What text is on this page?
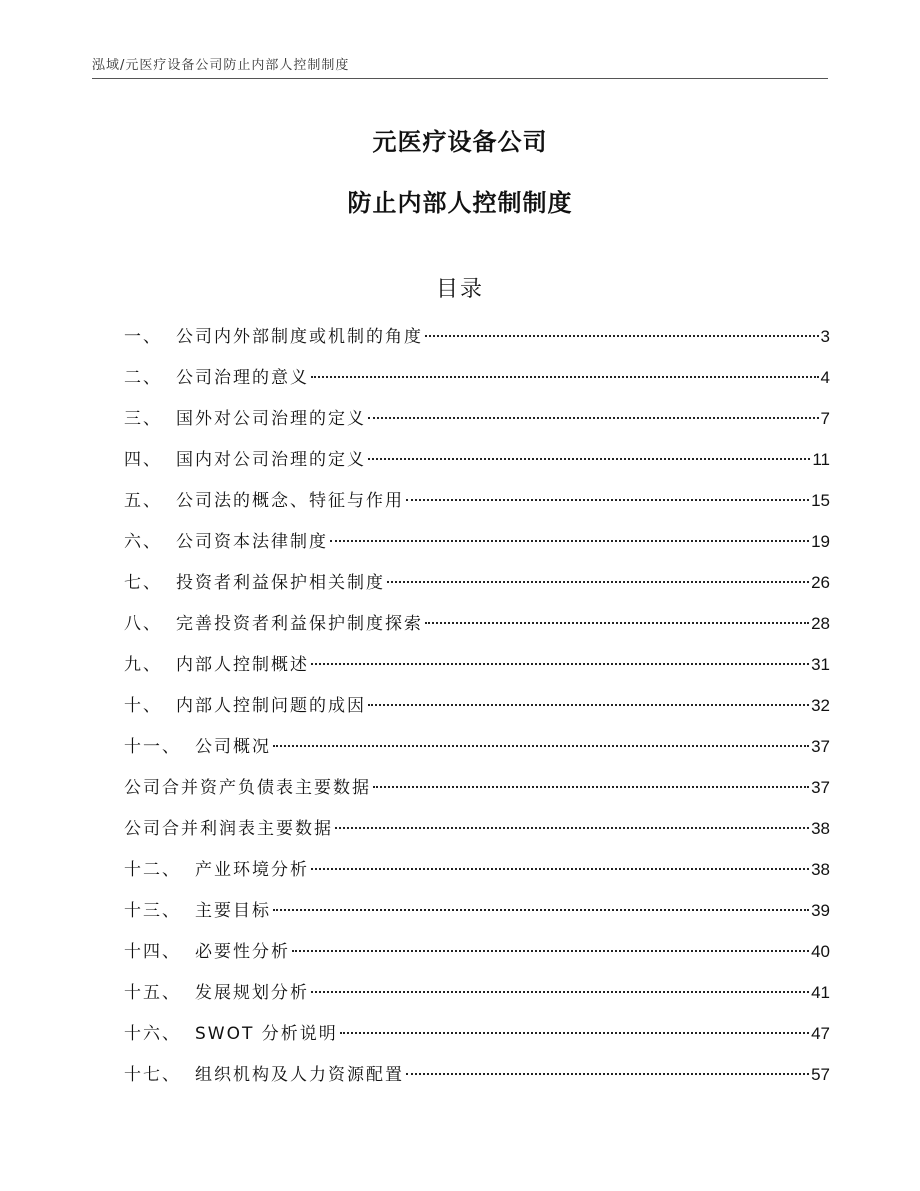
泓域/元医疗设备公司防止内部人控制制度
元医疗设备公司
防止内部人控制制度
目录
一、 公司内外部制度或机制的角度	3
二、 公司治理的意义	4
三、 国外对公司治理的定义	7
四、 国内对公司治理的定义	11
五、 公司法的概念、特征与作用	15
六、 公司资本法律制度	19
七、 投资者利益保护相关制度	26
八、 完善投资者利益保护制度探索	28
九、 内部人控制概述	31
十、 内部人控制问题的成因	32
十一、 公司概况	37
公司合并资产负债表主要数据	37
公司合并利润表主要数据	38
十二、 产业环境分析	38
十三、 主要目标	39
十四、 必要性分析	40
十五、 发展规划分析	41
十六、 SWOT 分析说明	47
十七、 组织机构及人力资源配置	57
